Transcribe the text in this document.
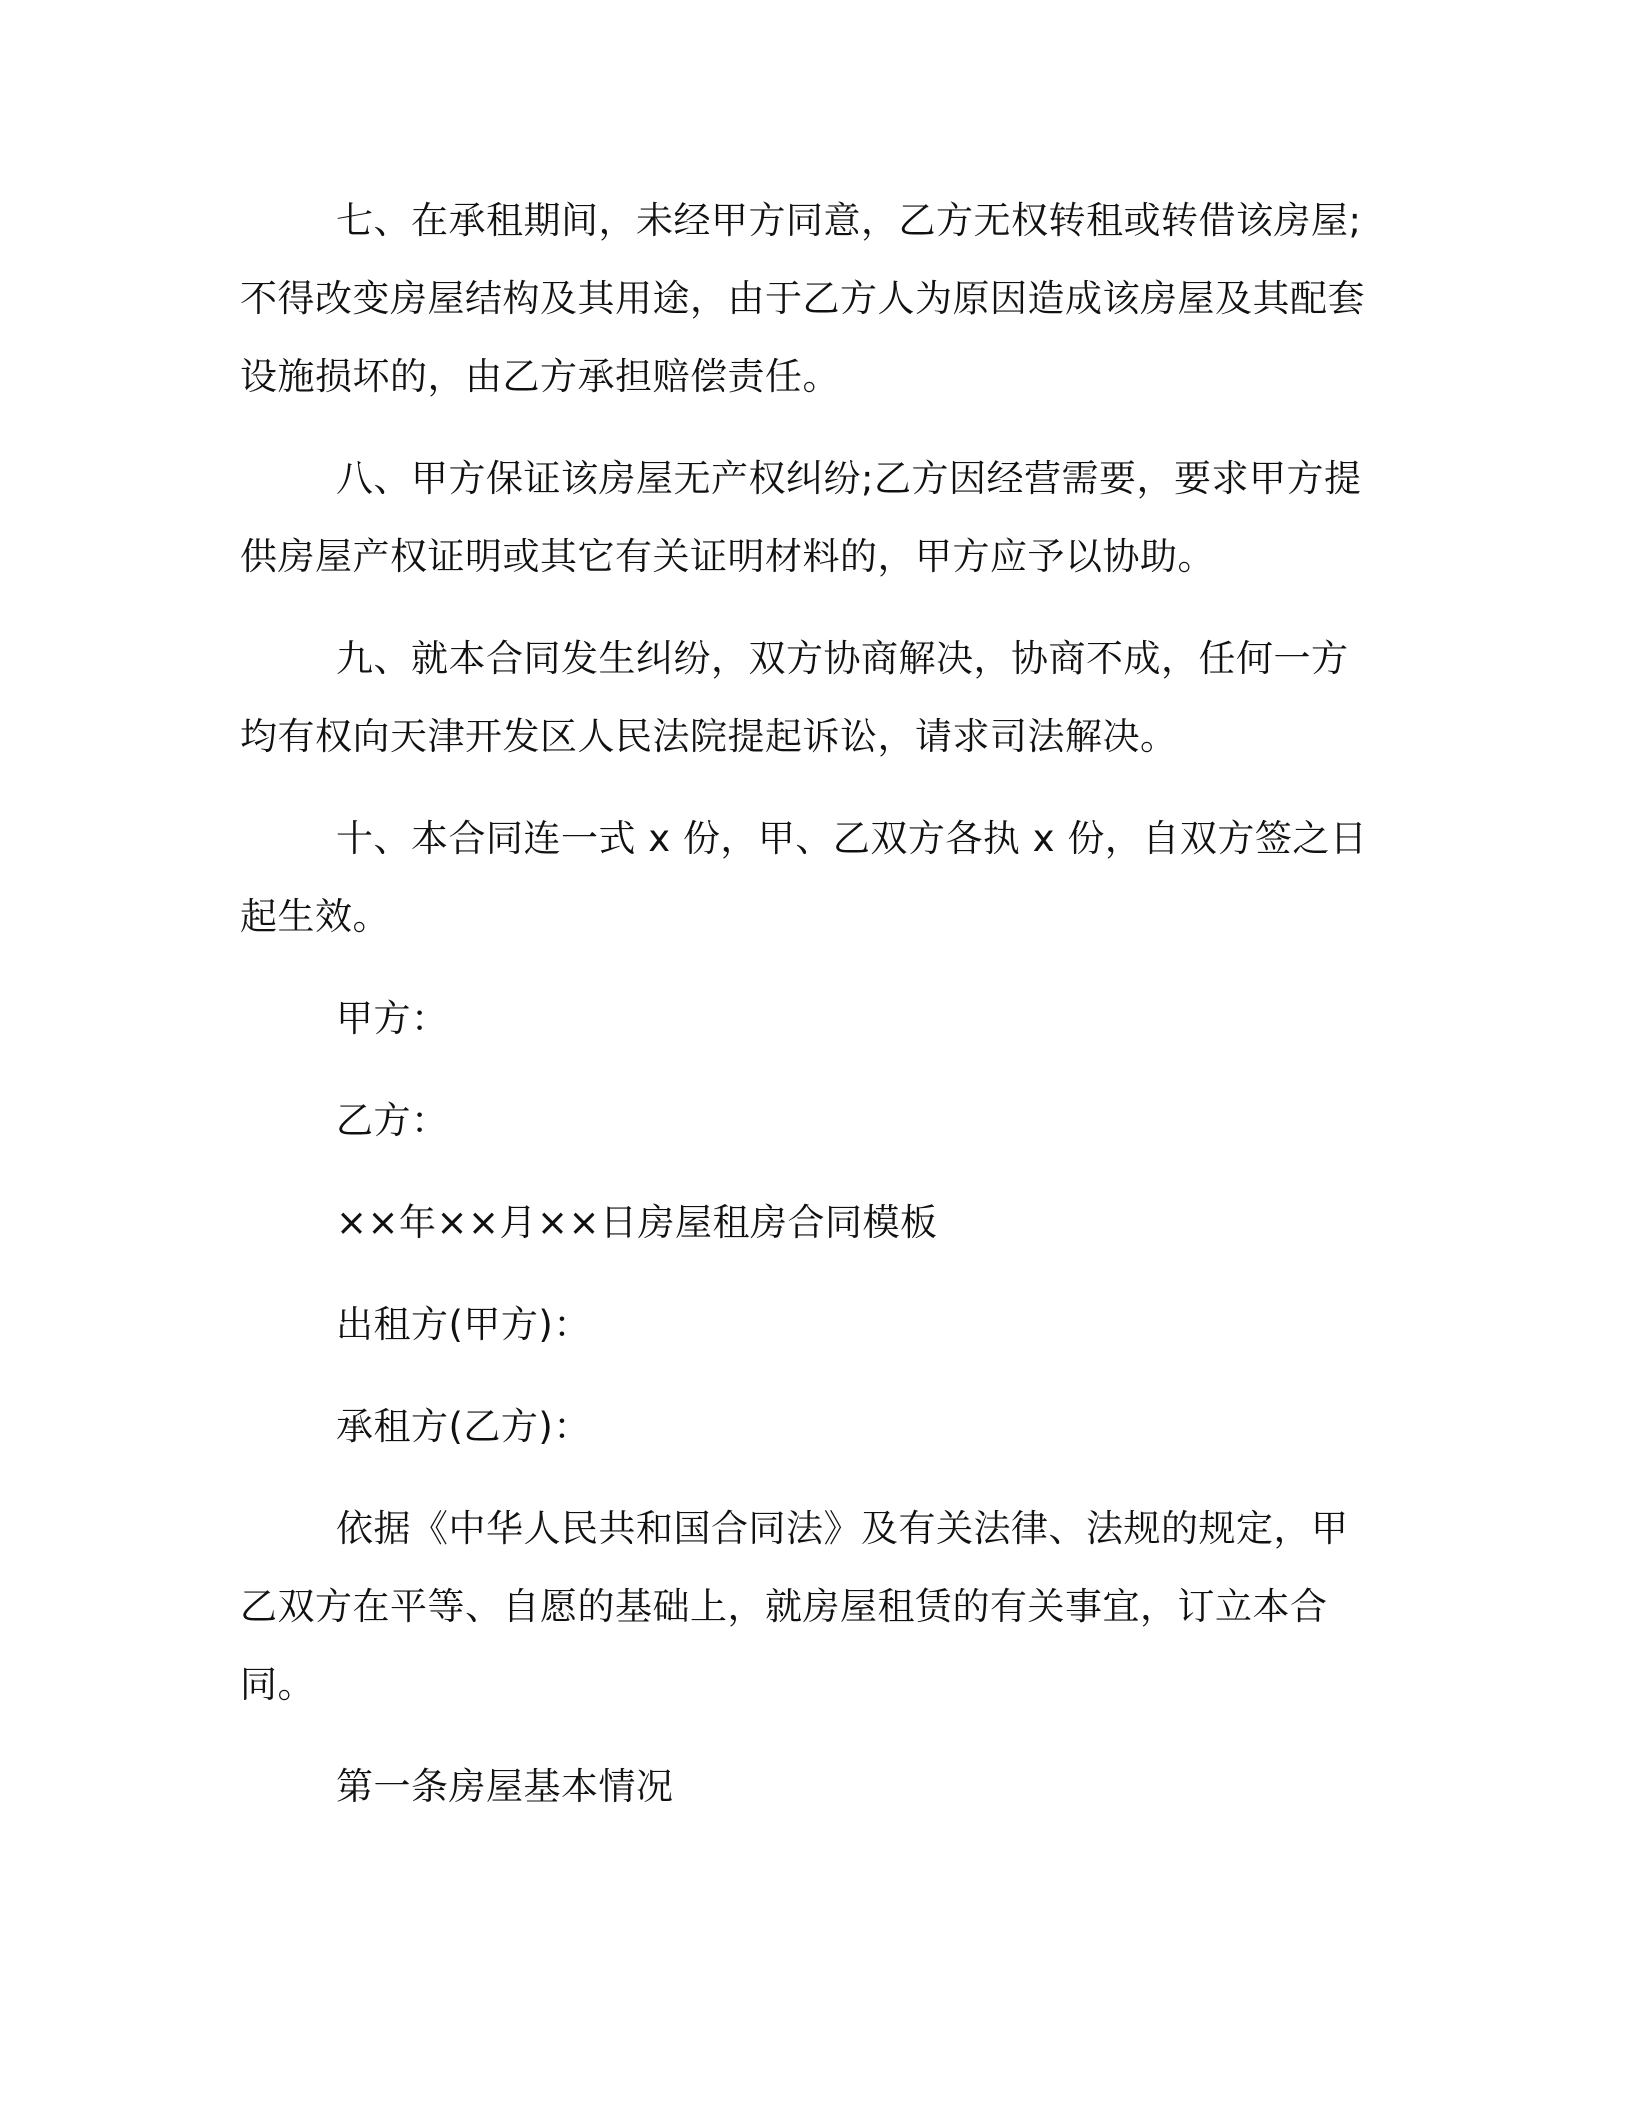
七、在承租期间，未经甲方同意，乙方无权转租或转借该房屋;不得改变房屋结构及其用途，由于乙方人为原因造成该房屋及其配套设施损坏的，由乙方承担赔偿责任。

八、甲方保证该房屋无产权纠纷;乙方因经营需要，要求甲方提供房屋产权证明或其它有关证明材料的，甲方应予以协助。

九、就本合同发生纠纷，双方协商解决，协商不成，任何一方均有权向天津开发区人民法院提起诉讼，请求司法解决。

十、本合同连一式 x 份，甲、乙双方各执 x 份，自双方签之日起生效。

甲方：

乙方：

××年××月××日房屋租房合同模板

出租方(甲方)：

承租方(乙方)：

依据《中华人民共和国合同法》及有关法律、法规的规定，甲乙双方在平等、自愿的基础上，就房屋租赁的有关事宜，订立本合同。

第一条房屋基本情况
